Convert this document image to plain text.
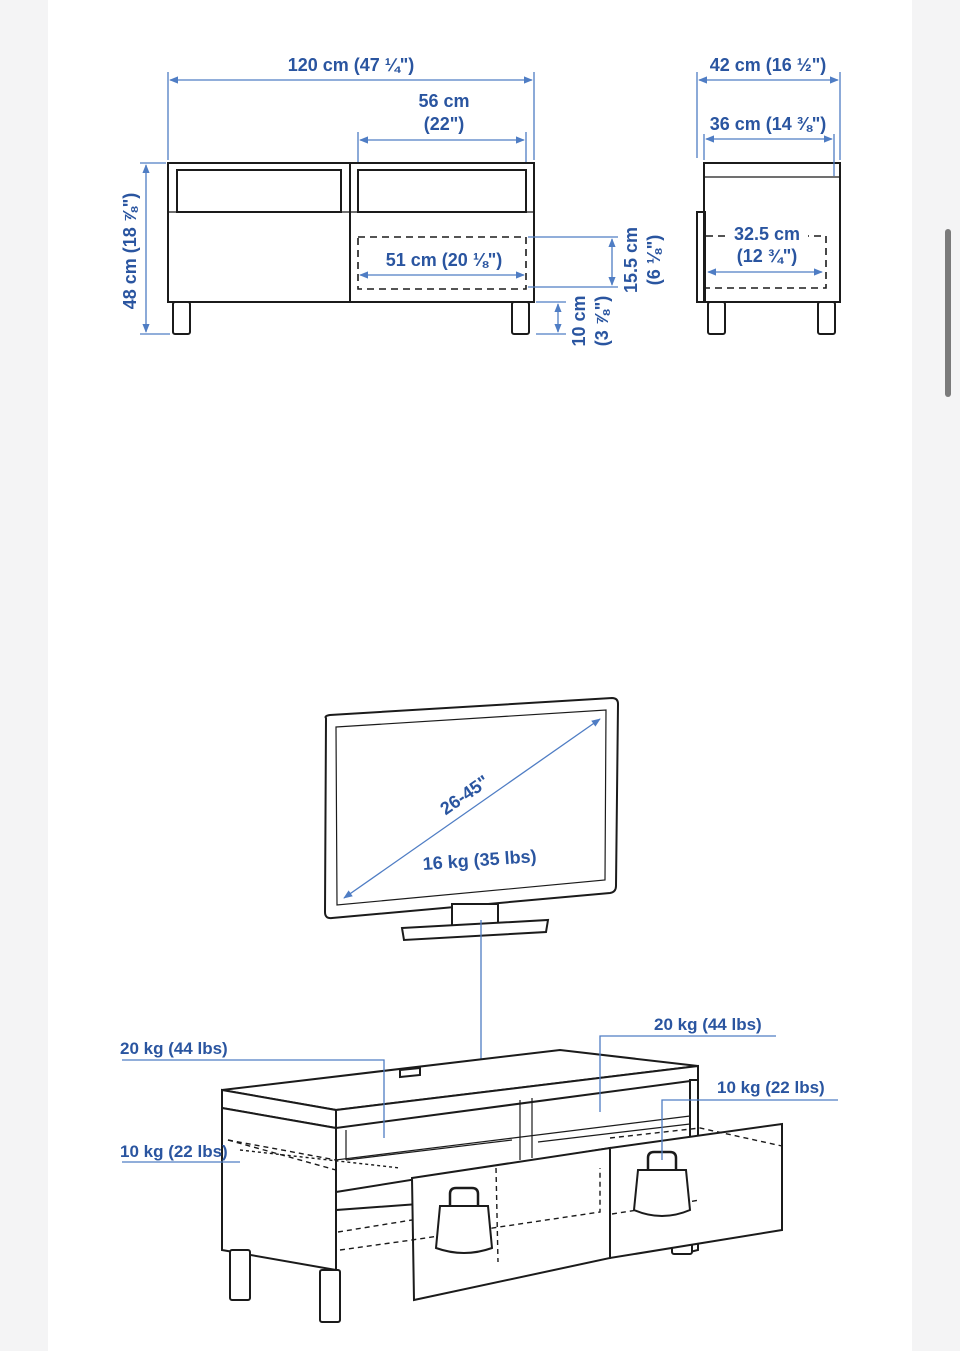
120 cm (47 ¼")
56 cm
(22")
51 cm (20 ⅛")
48 cm (18 ⅞")	15.5 cm (6 ⅛")
10 cm (3 ⅞")
42 cm (16 ½")
36 cm (14 ⅜")
32.5 cm
(12 ¾")
26-45"
16 kg (35 lbs)
20 kg (44 lbs)
20 kg (44 lbs)
10 kg (22 lbs)
10 kg (22 lbs)
